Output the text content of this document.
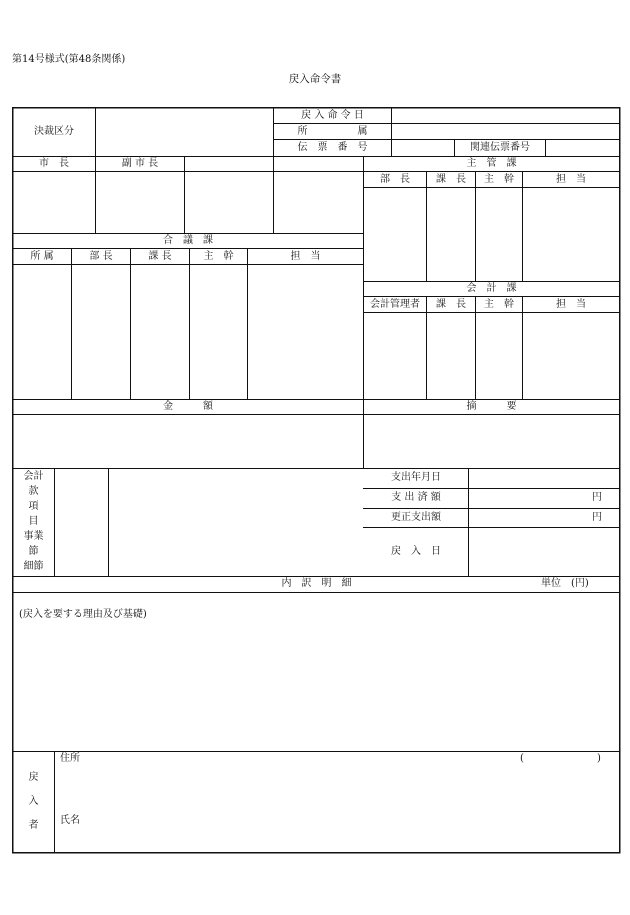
第14号様式(第48条関係)
戻入命令書
決裁区分
戻 入 命 令 日
所　　　　　属
伝　票　番　号	関連伝票番号
市　長	副 市 長	主　管　課
部　長	課　長	主　幹	担　当
合　議　課
所 属	部 長	課 長	主　幹	担　当
会　計　課
会計管理者	課　長	主　幹	担　当
金　　　額	摘　　　要
会計
款
項
目
事業
節
細節
支出年月日
支 出 済 額	円
更正支出額	円
戻　入　日
内　訳　明　細	単位　(円)
(戻入を要する理由及び基礎)
戻
入
者
住所	(	)
氏名
